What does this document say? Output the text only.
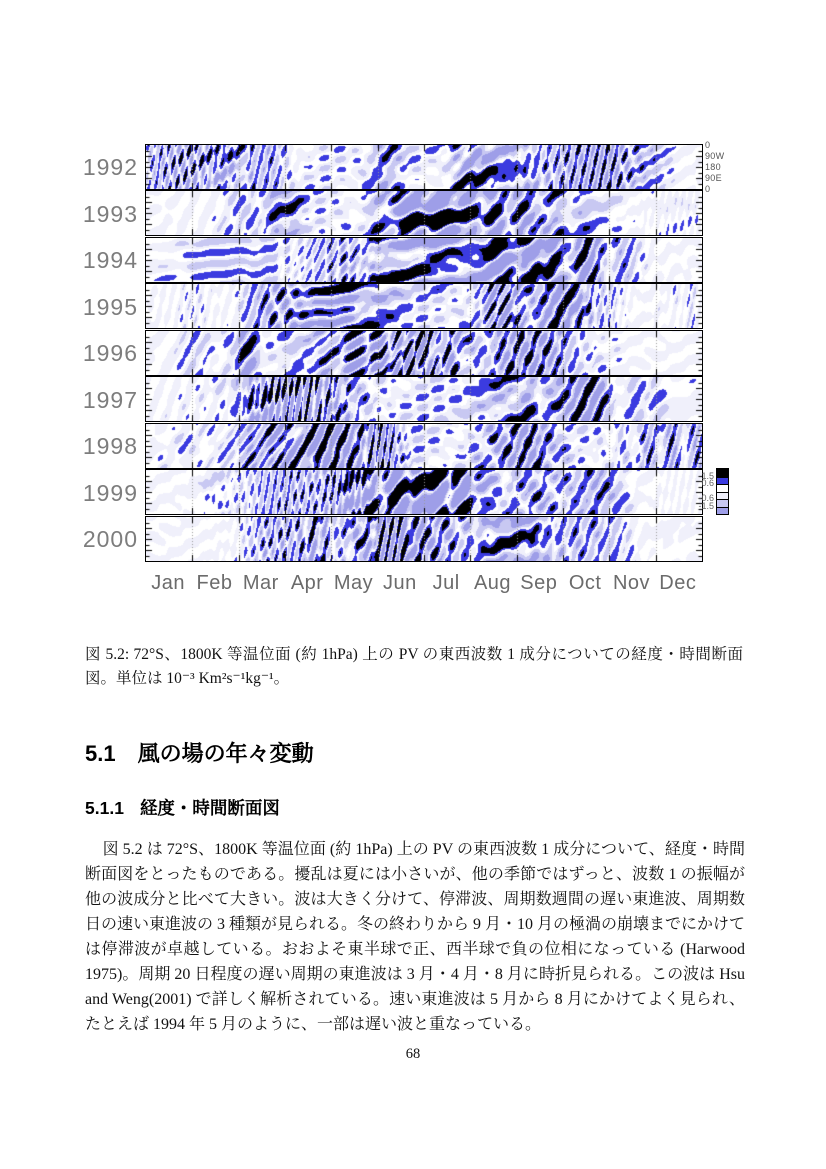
1992
1993
1994
1995
1996
1997
1998
1999
2000
0
90W
180
90E
0
Jan Feb Mar Apr May Jun Jul Aug Sep Oct Nov Dec
1.5
0.6
-0.6
-1.5

図 5.2: 72°S、1800K 等温位面 (約 1hPa) 上の PV の東西波数 1 成分についての経度・時間断面図。単位は 10⁻³ Km²s⁻¹kg⁻¹。

5.1 風の場の年々変動
5.1.1 経度・時間断面図

図 5.2 は 72°S、1800K 等温位面 (約 1hPa) 上の PV の東西波数 1 成分について、経度・時間断面図をとったものである。擾乱は夏には小さいが、他の季節ではずっと、波数 1 の振幅が他の波成分と比べて大きい。波は大きく分けて、停滞波、周期数週間の遅い東進波、周期数日の速い東進波の 3 種類が見られる。冬の終わりから 9 月・10 月の極渦の崩壊までにかけては停滞波が卓越している。おおよそ東半球で正、西半球で負の位相になっている (Harwood 1975)。周期 20 日程度の遅い周期の東進波は 3 月・4 月・8 月に時折見られる。この波は Hsu and Weng(2001) で詳しく解析されている。速い東進波は 5 月から 8 月にかけてよく見られ、たとえば 1994 年 5 月のように、一部は遅い波と重なっている。

68
